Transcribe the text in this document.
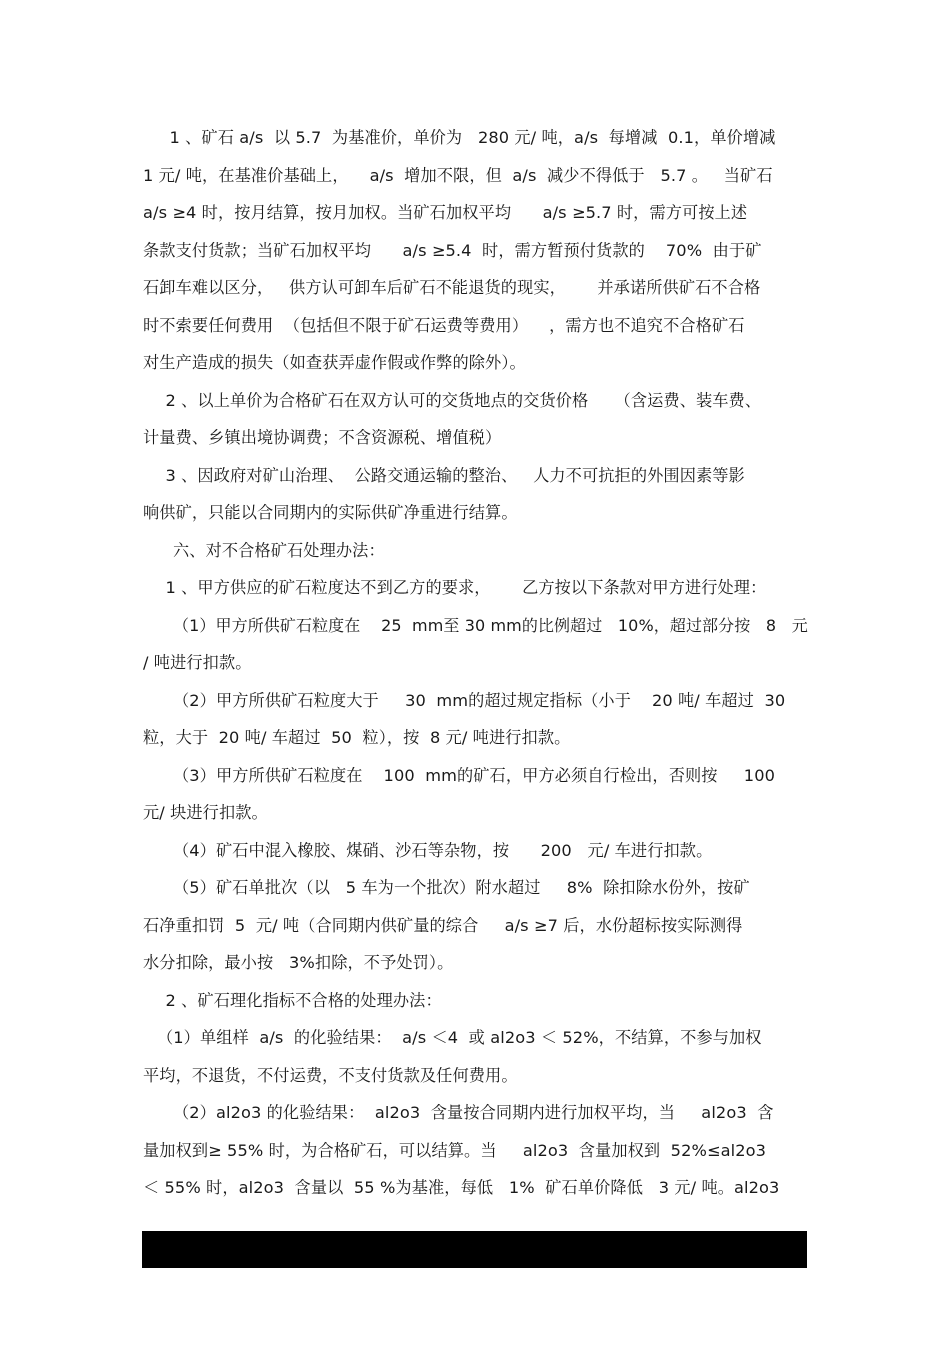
1 、矿石 a/s  以 5.7  为基准价，单价为   280 元/ 吨，a/s  每增减  0.1，单价增减
1 元/ 吨，在基准价基础上，    a/s  增加不限，但  a/s  减少不得低于   5.7 。   当矿石
a/s ≥4 时，按月结算，按月加权。当矿石加权平均      a/s ≥5.7 时，需方可按上述
条款支付货款；当矿石加权平均      a/s ≥5.4  时，需方暂预付货款的    70%  由于矿
石卸车难以区分，   供方认可卸车后矿石不能退货的现实，      并承诺所供矿石不合格
时不索要任何费用  （包括但不限于矿石运费等费用）    ，需方也不追究不合格矿石
对生产造成的损失（如查获弄虚作假或作弊的除外）。
2 、以上单价为合格矿石在双方认可的交货地点的交货价格     （含运费、装车费、
计量费、乡镇出境协调费；不含资源税、增值税）
3 、因政府对矿山治理、  公路交通运输的整治、   人力不可抗拒的外围因素等影
响供矿，只能以合同期内的实际供矿净重进行结算。
六、对不合格矿石处理办法：
1 、甲方供应的矿石粒度达不到乙方的要求，      乙方按以下条款对甲方进行处理：
（1）甲方所供矿石粒度在    25  mm至 30 mm的比例超过   10%，超过部分按   8   元
/ 吨进行扣款。
（2）甲方所供矿石粒度大于     30  mm的超过规定指标（小于    20 吨/ 车超过  30
粒，大于  20 吨/ 车超过  50  粒），按  8 元/ 吨进行扣款。
（3）甲方所供矿石粒度在    100  mm的矿石，甲方必须自行检出，否则按     100
元/ 块进行扣款。
（4）矿石中混入橡胶、煤硝、沙石等杂物，按      200   元/ 车进行扣款。
（5）矿石单批次（以   5 车为一个批次）附水超过     8%  除扣除水份外，按矿
石净重扣罚  5  元/ 吨（合同期内供矿量的综合     a/s ≥7 后，水份超标按实际测得
水分扣除，最小按   3%扣除，不予处罚）。
2 、矿石理化指标不合格的处理办法：
（1）单组样  a/s  的化验结果：  a/s ＜4  或 al2o3 ＜ 52%，不结算，不参与加权
平均，不退货，不付运费，不支付货款及任何费用。
（2）al2o3 的化验结果：  al2o3  含量按合同期内进行加权平均，当     al2o3  含
量加权到≥ 55% 时，为合格矿石，可以结算。当     al2o3  含量加权到  52%≤al2o3
＜ 55% 时，al2o3  含量以  55 %为基准，每低   1%  矿石单价降低   3 元/ 吨。al2o3
